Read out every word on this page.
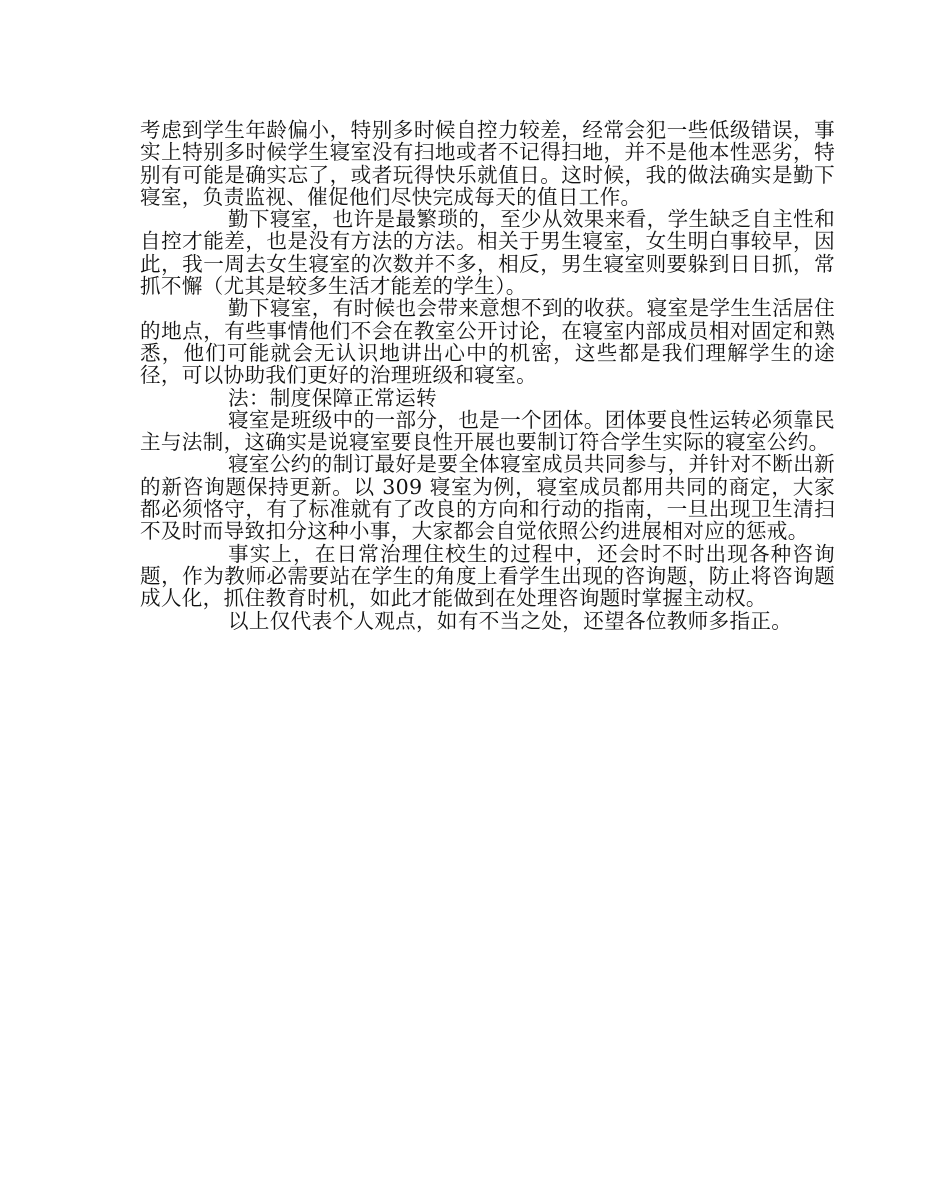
考虑到学生年龄偏小，特别多时候自控力较差，经常会犯一些低级错误，事实上特别多时候学生寝室没有扫地或者不记得扫地，并不是他本性恶劣，特别有可能是确实忘了，或者玩得快乐就值日。这时候，我的做法确实是勤下寝室，负责监视、催促他们尽快完成每天的值日工作。

勤下寝室，也许是最繁琐的，至少从效果来看，学生缺乏自主性和自控才能差，也是没有方法的方法。相关于男生寝室，女生明白事较早，因此，我一周去女生寝室的次数并不多，相反，男生寝室则要躲到日日抓，常抓不懈（尤其是较多生活才能差的学生）。

勤下寝室，有时候也会带来意想不到的收获。寝室是学生生活居住的地点，有些事情他们不会在教室公开讨论，在寝室内部成员相对固定和熟悉，他们可能就会无认识地讲出心中的机密，这些都是我们理解学生的途径，可以协助我们更好的治理班级和寝室。

法：制度保障正常运转

寝室是班级中的一部分，也是一个团体。团体要良性运转必须靠民主与法制，这确实是说寝室要良性开展也要制订符合学生实际的寝室公约。

寝室公约的制订最好是要全体寝室成员共同参与，并针对不断出新的新咨询题保持更新。以 309 寝室为例，寝室成员都用共同的商定，大家都必须恪守，有了标准就有了改良的方向和行动的指南，一旦出现卫生清扫不及时而导致扣分这种小事，大家都会自觉依照公约进展相对应的惩戒。

事实上，在日常治理住校生的过程中，还会时不时出现各种咨询题，作为教师必需要站在学生的角度上看学生出现的咨询题，防止将咨询题成人化，抓住教育时机，如此才能做到在处理咨询题时掌握主动权。

以上仅代表个人观点，如有不当之处，还望各位教师多指正。
